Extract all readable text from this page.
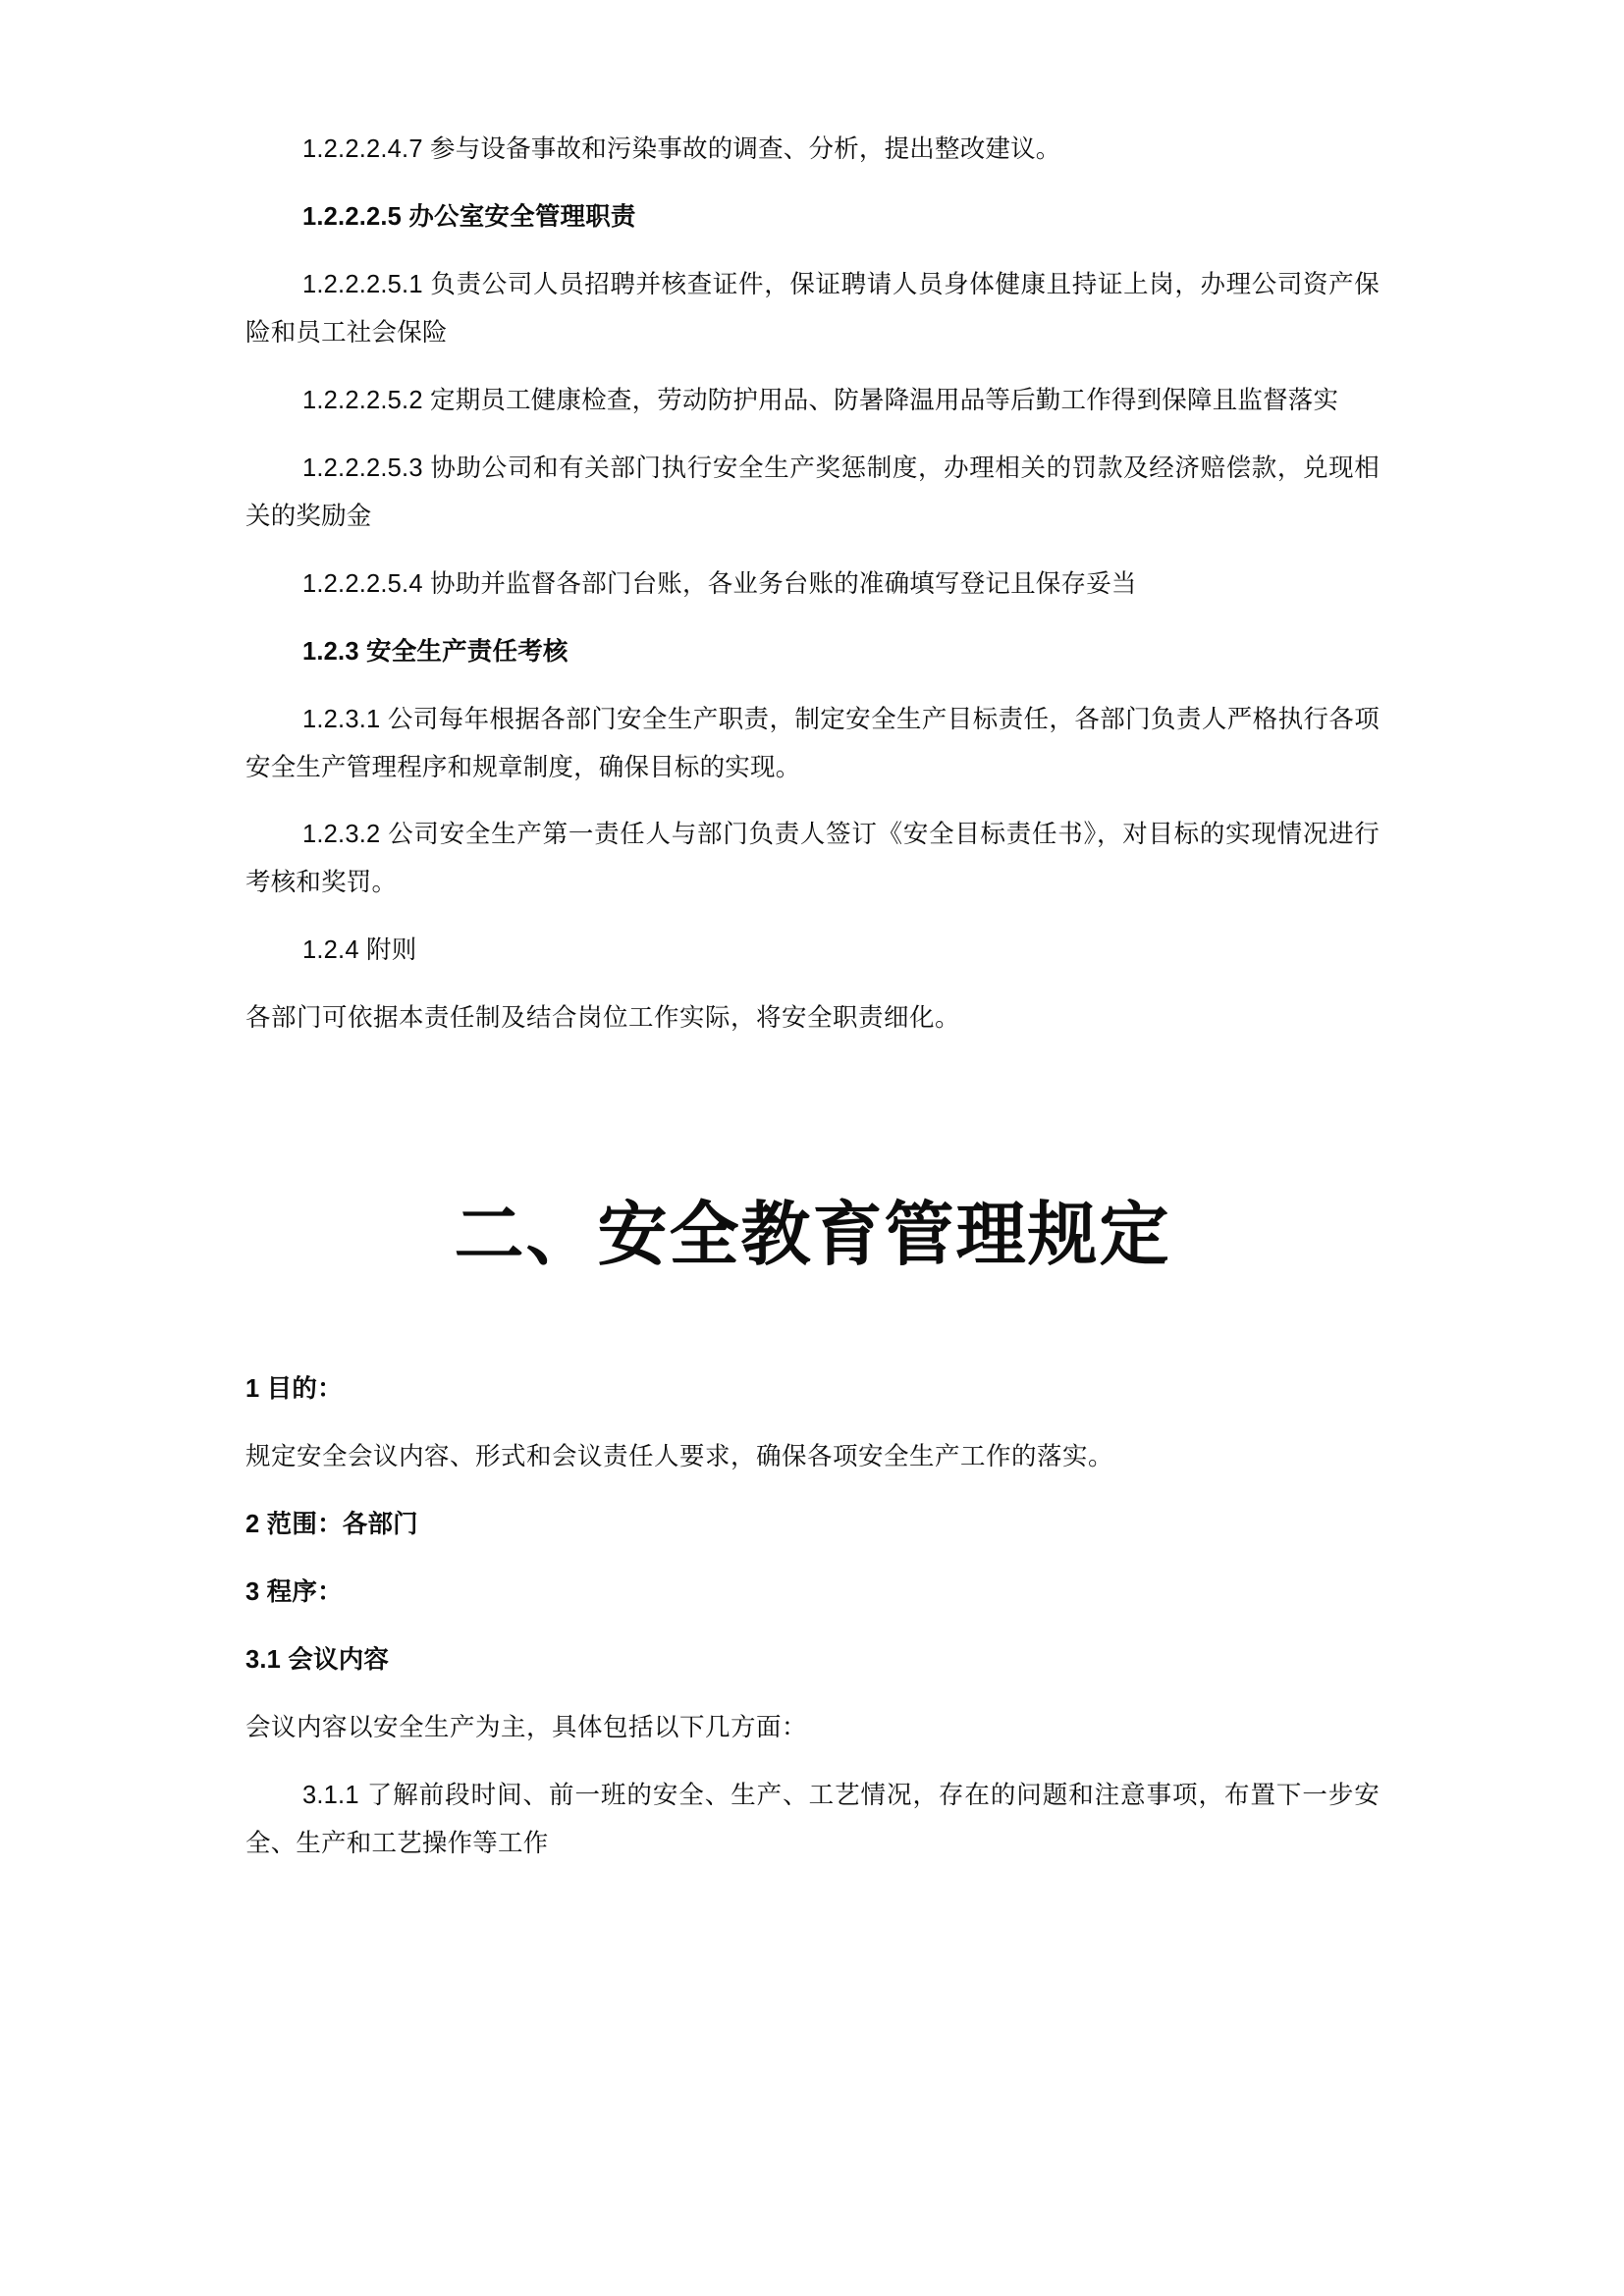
1.2.2.2.4.7 参与设备事故和污染事故的调查、分析，提出整改建议。

1.2.2.2.5 办公室安全管理职责

1.2.2.2.5.1 负责公司人员招聘并核查证件，保证聘请人员身体健康且持证上岗，办理公司资产保险和员工社会保险

1.2.2.2.5.2 定期员工健康检查，劳动防护用品、防暑降温用品等后勤工作得到保障且监督落实

1.2.2.2.5.3 协助公司和有关部门执行安全生产奖惩制度，办理相关的罚款及经济赔偿款，兑现相关的奖励金

1.2.2.2.5.4 协助并监督各部门台账，各业务台账的准确填写登记且保存妥当

1.2.3 安全生产责任考核

1.2.3.1 公司每年根据各部门安全生产职责，制定安全生产目标责任，各部门负责人严格执行各项安全生产管理程序和规章制度，确保目标的实现。

1.2.3.2 公司安全生产第一责任人与部门负责人签订《安全目标责任书》，对目标的实现情况进行考核和奖罚。

1.2.4 附则

各部门可依据本责任制及结合岗位工作实际，将安全职责细化。

二、安全教育管理规定

1 目的：

规定安全会议内容、形式和会议责任人要求，确保各项安全生产工作的落实。

2 范围：各部门

3 程序：

3.1 会议内容

会议内容以安全生产为主，具体包括以下几方面：

3.1.1 了解前段时间、前一班的安全、生产、工艺情况，存在的问题和注意事项，布置下一步安全、生产和工艺操作等工作
